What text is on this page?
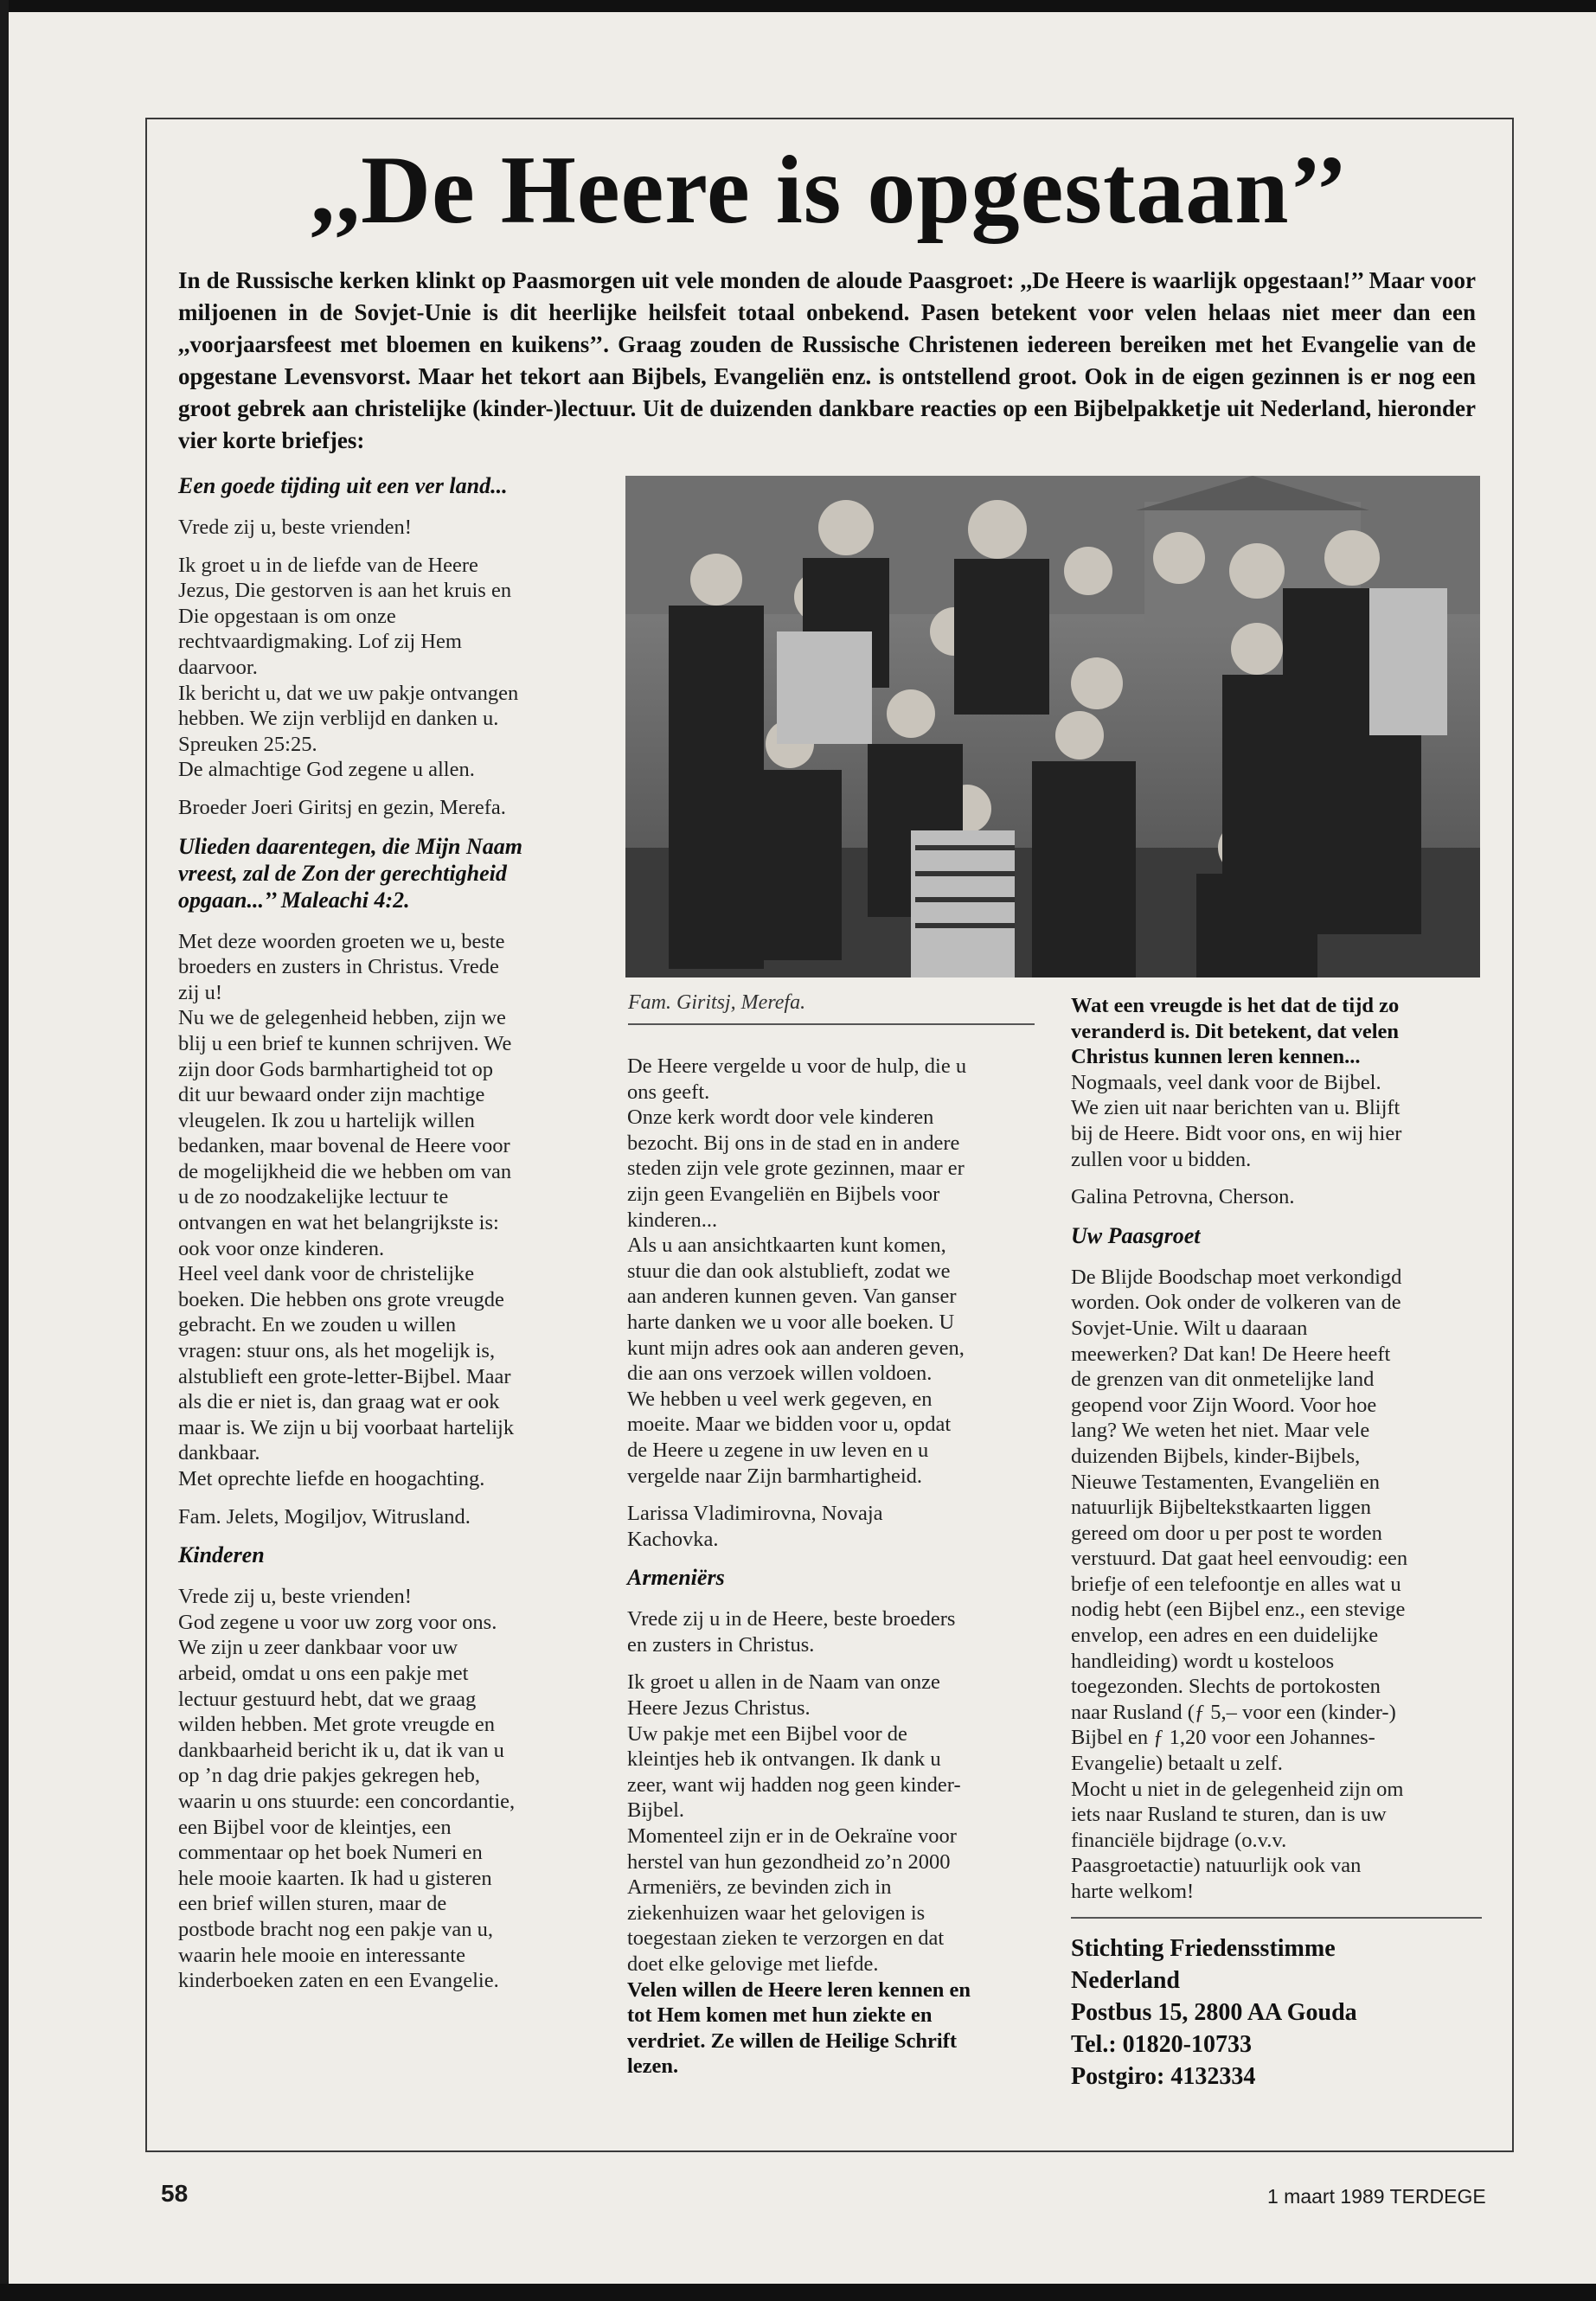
,,De Heere is opgestaan’’

In de Russische kerken klinkt op Paasmorgen uit vele monden de aloude Paasgroet: ,,De Heere is waarlijk opgestaan!’’ Maar voor miljoenen in de Sovjet-Unie is dit heerlijke heilsfeit totaal onbekend. Pasen betekent voor velen helaas niet meer dan een ,,voorjaarsfeest met bloemen en kuikens’’. Graag zouden de Russische Christenen iedereen bereiken met het Evangelie van de opgestane Levensvorst. Maar het tekort aan Bijbels, Evangeliën enz. is ontstellend groot. Ook in de eigen gezinnen is er nog een groot gebrek aan christelijke (kinder-)lectuur. Uit de duizenden dankbare reacties op een Bijbelpakketje uit Nederland, hieronder vier korte briefjes:

Een goede tijding uit een ver land...

Vrede zij u, beste vrienden!

Ik groet u in de liefde van de Heere
Jezus, Die gestorven is aan het kruis en
Die opgestaan is om onze
rechtvaardigmaking. Lof zij Hem
daarvoor.
Ik bericht u, dat we uw pakje ontvangen
hebben. We zijn verblijd en danken u.
Spreuken 25:25.
De almachtige God zegene u allen.

Broeder Joeri Giritsj en gezin, Merefa.

Ulieden daarentegen, die Mijn Naam vreest, zal de Zon der gerechtigheid opgaan...’’ Maleachi 4:2.

Met deze woorden groeten we u, beste
broeders en zusters in Christus. Vrede
zij u!
Nu we de gelegenheid hebben, zijn we
blij u een brief te kunnen schrijven. We
zijn door Gods barmhartigheid tot op
dit uur bewaard onder zijn machtige
vleugelen. Ik zou u hartelijk willen
bedanken, maar bovenal de Heere voor
de mogelijkheid die we hebben om van
u de zo noodzakelijke lectuur te
ontvangen en wat het belangrijkste is:
ook voor onze kinderen.
Heel veel dank voor de christelijke
boeken. Die hebben ons grote vreugde
gebracht. En we zouden u willen
vragen: stuur ons, als het mogelijk is,
alstublieft een grote-letter-Bijbel. Maar
als die er niet is, dan graag wat er ook
maar is. We zijn u bij voorbaat hartelijk
dankbaar.
Met oprechte liefde en hoogachting.

Fam. Jelets, Mogiljov, Witrusland.

Kinderen

Vrede zij u, beste vrienden!
God zegene u voor uw zorg voor ons.
We zijn u zeer dankbaar voor uw
arbeid, omdat u ons een pakje met
lectuur gestuurd hebt, dat we graag
wilden hebben. Met grote vreugde en
dankbaarheid bericht ik u, dat ik van u
op ’n dag drie pakjes gekregen heb,
waarin u ons stuurde: een concordantie,
een Bijbel voor de kleintjes, een
commentaar op het boek Numeri en
hele mooie kaarten. Ik had u gisteren
een brief willen sturen, maar de
postbode bracht nog een pakje van u,
waarin hele mooie en interessante
kinderboeken zaten en een Evangelie.

Fam. Giritsj, Merefa.

De Heere vergelde u voor de hulp, die u
ons geeft.
Onze kerk wordt door vele kinderen
bezocht. Bij ons in de stad en in andere
steden zijn vele grote gezinnen, maar er
zijn geen Evangeliën en Bijbels voor
kinderen...
Als u aan ansichtkaarten kunt komen,
stuur die dan ook alstublieft, zodat we
aan anderen kunnen geven. Van ganser
harte danken we u voor alle boeken. U
kunt mijn adres ook aan anderen geven,
die aan ons verzoek willen voldoen.
We hebben u veel werk gegeven, en
moeite. Maar we bidden voor u, opdat
de Heere u zegene in uw leven en u
vergelde naar Zijn barmhartigheid.

Larissa Vladimirovna, Novaja
Kachovka.

Armeniërs

Vrede zij u in de Heere, beste broeders
en zusters in Christus.

Ik groet u allen in de Naam van onze
Heere Jezus Christus.
Uw pakje met een Bijbel voor de
kleintjes heb ik ontvangen. Ik dank u
zeer, want wij hadden nog geen kinder-
Bijbel.
Momenteel zijn er in de Oekraïne voor
herstel van hun gezondheid zo’n 2000
Armeniërs, ze bevinden zich in
ziekenhuizen waar het gelovigen is
toegestaan zieken te verzorgen en dat
doet elke gelovige met liefde.

Velen willen de Heere leren kennen en
tot Hem komen met hun ziekte en
verdriet. Ze willen de Heilige Schrift
lezen.

Wat een vreugde is het dat de tijd zo
veranderd is. Dit betekent, dat velen
Christus kunnen leren kennen...

Nogmaals, veel dank voor de Bijbel.
We zien uit naar berichten van u. Blijft
bij de Heere. Bidt voor ons, en wij hier
zullen voor u bidden.

Galina Petrovna, Cherson.

Uw Paasgroet

De Blijde Boodschap moet verkondigd
worden. Ook onder de volkeren van de
Sovjet-Unie. Wilt u daaraan
meewerken? Dat kan! De Heere heeft
de grenzen van dit onmetelijke land
geopend voor Zijn Woord. Voor hoe
lang? We weten het niet. Maar vele
duizenden Bijbels, kinder-Bijbels,
Nieuwe Testamenten, Evangeliën en
natuurlijk Bijbeltekstkaarten liggen
gereed om door u per post te worden
verstuurd. Dat gaat heel eenvoudig: een
briefje of een telefoontje en alles wat u
nodig hebt (een Bijbel enz., een stevige
envelop, een adres en een duidelijke
handleiding) wordt u kosteloos
toegezonden. Slechts de portokosten
naar Rusland (ƒ 5,– voor een (kinder-)
Bijbel en ƒ 1,20 voor een Johannes-
Evangelie) betaalt u zelf.
Mocht u niet in de gelegenheid zijn om
iets naar Rusland te sturen, dan is uw
financiële bijdrage (o.v.v.
Paasgroetactie) natuurlijk ook van
harte welkom!

Stichting Friedensstimme
Nederland
Postbus 15, 2800 AA Gouda
Tel.: 01820-10733
Postgiro: 4132334

58	1 maart 1989 TERDEGE
